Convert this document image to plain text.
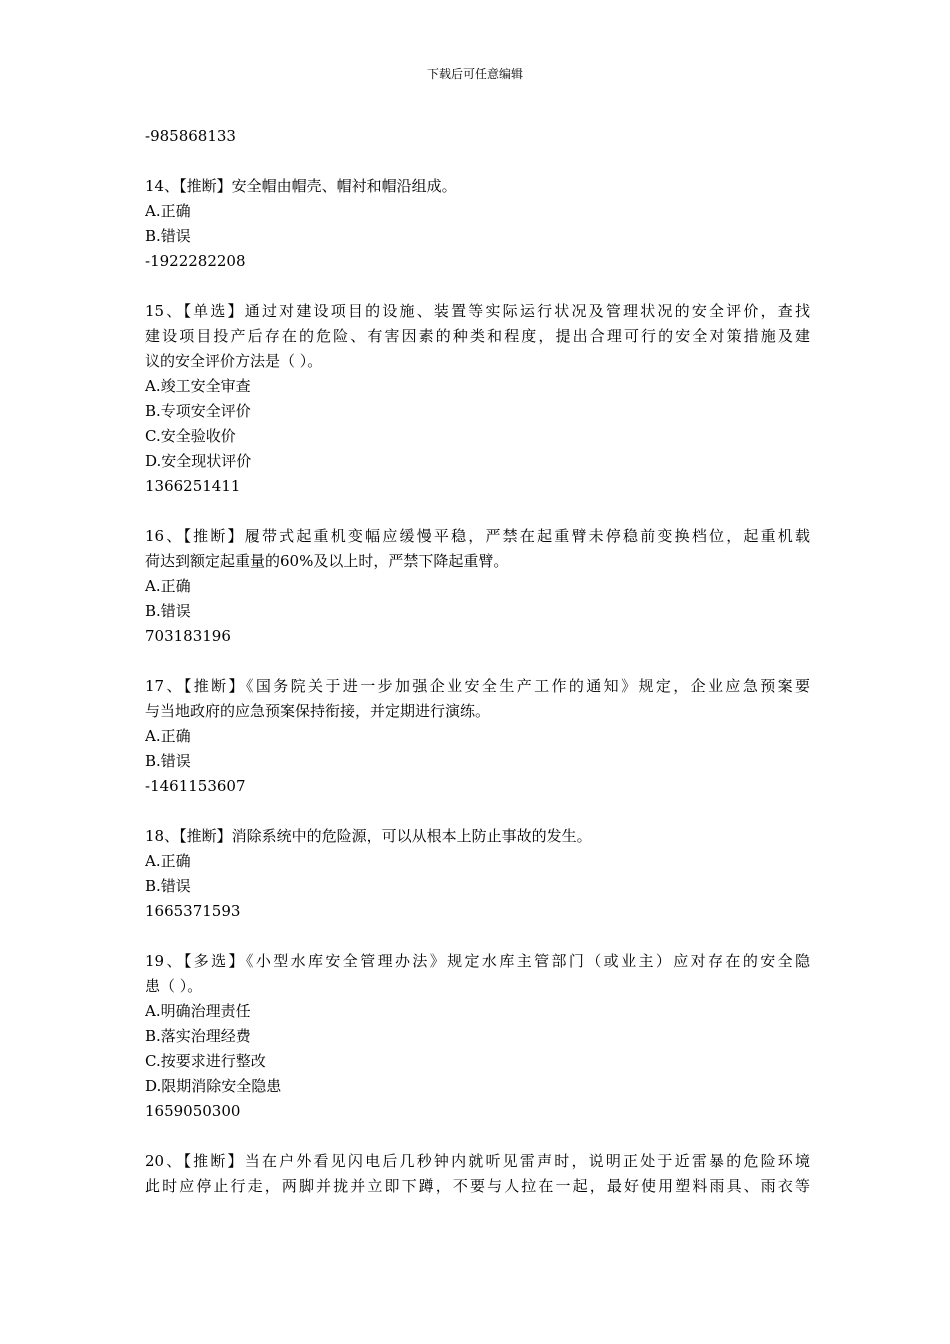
下载后可任意编辑
-985868133
14、【推断】安全帽由帽壳、帽衬和帽沿组成。
A.正确
B.错误
-1922282208
15、【单选】通过对建设项目的设施、装置等实际运行状况及管理状况的安全评价，查找
建设项目投产后存在的危险、有害因素的种类和程度，提出合理可行的安全对策措施及建
议的安全评价方法是（ ）。
A.竣工安全审查
B.专项安全评价
C.安全验收价
D.安全现状评价
1366251411
16、【推断】履带式起重机变幅应缓慢平稳，严禁在起重臂未停稳前变换档位，起重机载
荷达到额定起重量的60%及以上时，严禁下降起重臂。
A.正确
B.错误
703183196
17、【推断】《国务院关于进一步加强企业安全生产工作的通知》规定，企业应急预案要
与当地政府的应急预案保持衔接，并定期进行演练。
A.正确
B.错误
-1461153607
18、【推断】消除系统中的危险源，可以从根本上防止事故的发生。
A.正确
B.错误
1665371593
19、【多选】《小型水库安全管理办法》规定水库主管部门（或业主）应对存在的安全隐
患（ ）。
A.明确治理责任
B.落实治理经费
C.按要求进行整改
D.限期消除安全隐患
1659050300
20、【推断】当在户外看见闪电后几秒钟内就听见雷声时，说明正处于近雷暴的危险环境
此时应停止行走，两脚并拢并立即下蹲，不要与人拉在一起，最好使用塑料雨具、雨衣等
